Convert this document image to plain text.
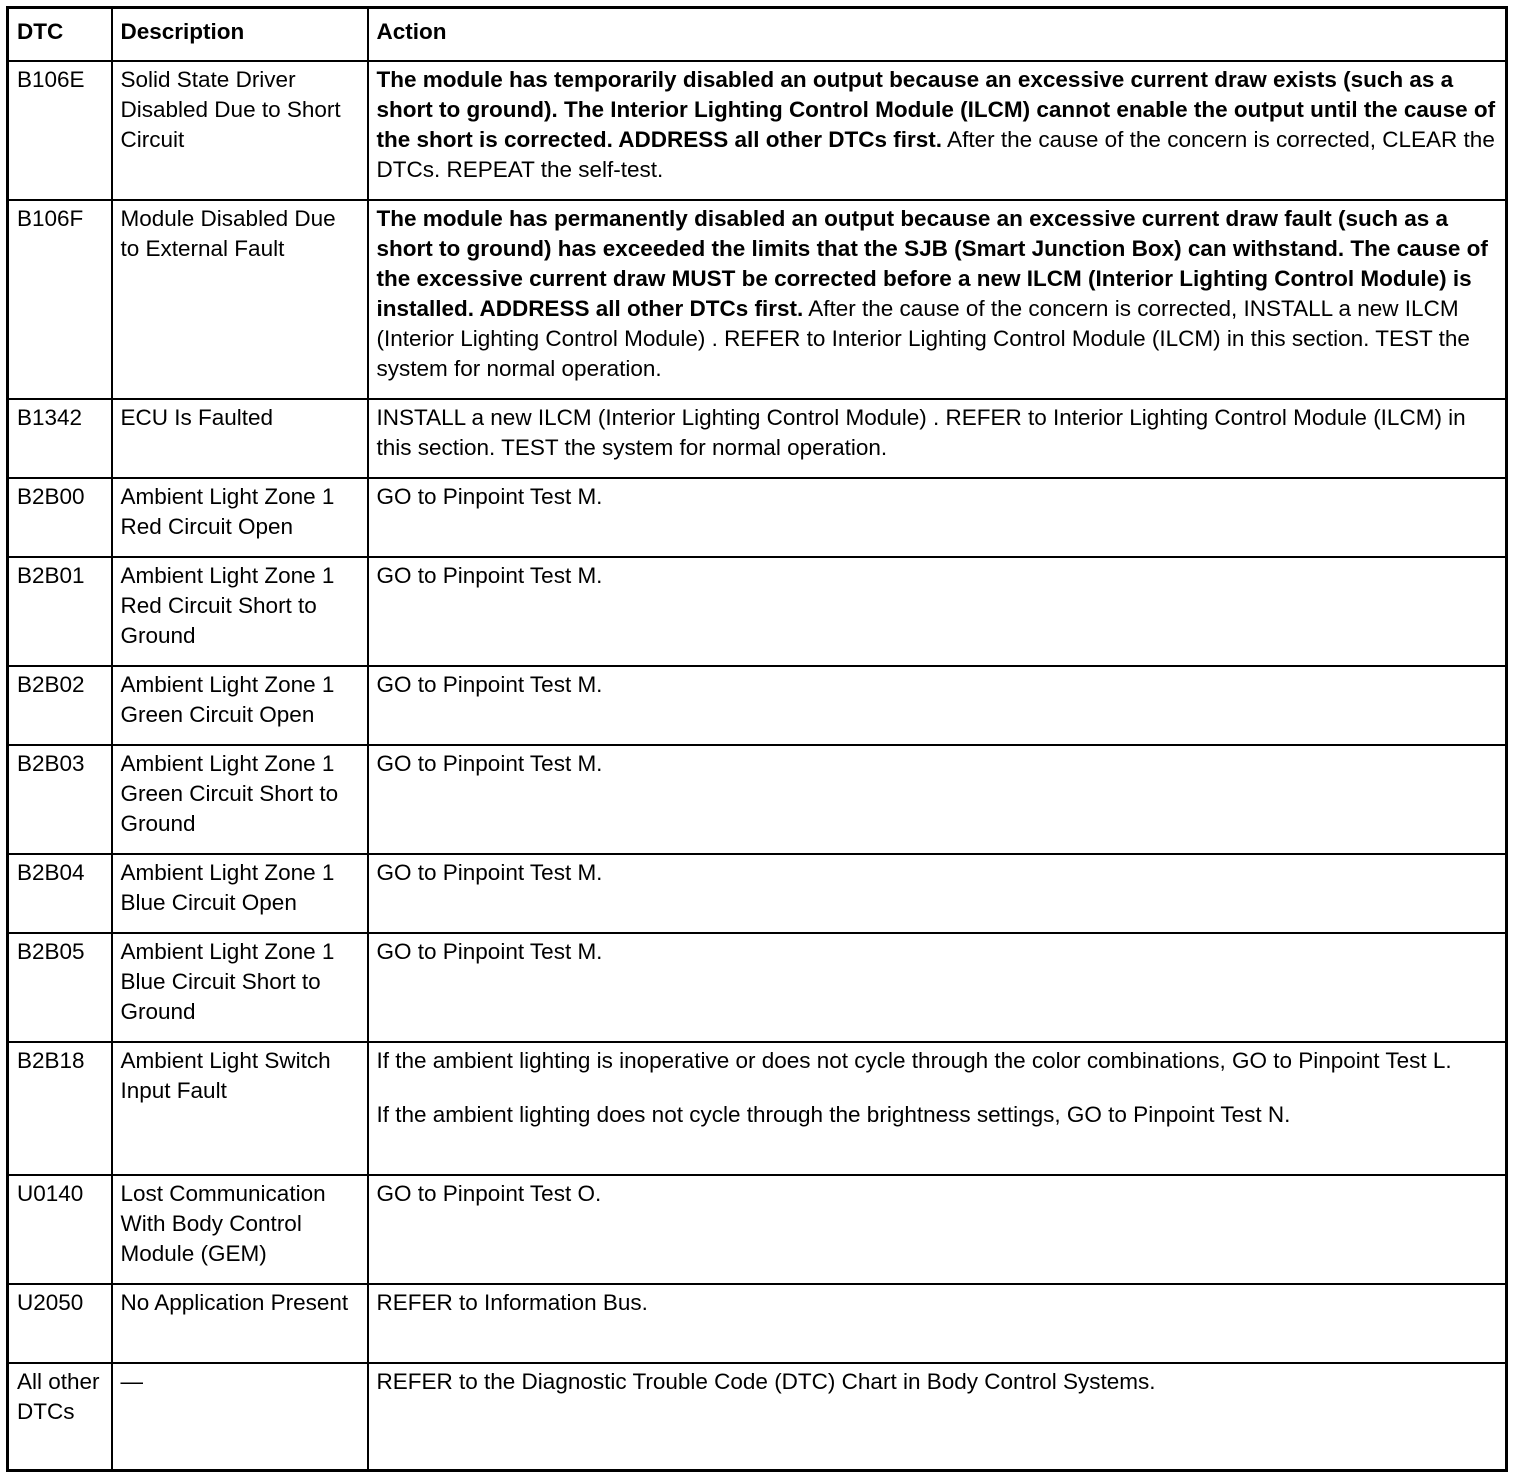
DTC	Description	Action
B106E	Solid State Driver Disabled Due to Short Circuit	The module has temporarily disabled an output because an excessive current draw exists (such as a short to ground). The Interior Lighting Control Module (ILCM) cannot enable the output until the cause of the short is corrected. ADDRESS all other DTCs first. After the cause of the concern is corrected, CLEAR the DTCs. REPEAT the self-test.
B106F	Module Disabled Due to External Fault	The module has permanently disabled an output because an excessive current draw fault (such as a short to ground) has exceeded the limits that the SJB (Smart Junction Box) can withstand. The cause of the excessive current draw MUST be corrected before a new ILCM (Interior Lighting Control Module) is installed. ADDRESS all other DTCs first. After the cause of the concern is corrected, INSTALL a new ILCM (Interior Lighting Control Module) . REFER to Interior Lighting Control Module (ILCM) in this section. TEST the system for normal operation.
B1342	ECU Is Faulted	INSTALL a new ILCM (Interior Lighting Control Module) . REFER to Interior Lighting Control Module (ILCM) in this section. TEST the system for normal operation.
B2B00	Ambient Light Zone 1 Red Circuit Open	GO to Pinpoint Test M.
B2B01	Ambient Light Zone 1 Red Circuit Short to Ground	GO to Pinpoint Test M.
B2B02	Ambient Light Zone 1 Green Circuit Open	GO to Pinpoint Test M.
B2B03	Ambient Light Zone 1 Green Circuit Short to Ground	GO to Pinpoint Test M.
B2B04	Ambient Light Zone 1 Blue Circuit Open	GO to Pinpoint Test M.
B2B05	Ambient Light Zone 1 Blue Circuit Short to Ground	GO to Pinpoint Test M.
B2B18	Ambient Light Switch Input Fault	If the ambient lighting is inoperative or does not cycle through the color combinations, GO to Pinpoint Test L.

If the ambient lighting does not cycle through the brightness settings, GO to Pinpoint Test N.

U0140	Lost Communication With Body Control Module (GEM)	GO to Pinpoint Test O.
U2050	No Application Present	REFER to Information Bus.
All other DTCs	—	REFER to the Diagnostic Trouble Code (DTC) Chart in Body Control Systems.
